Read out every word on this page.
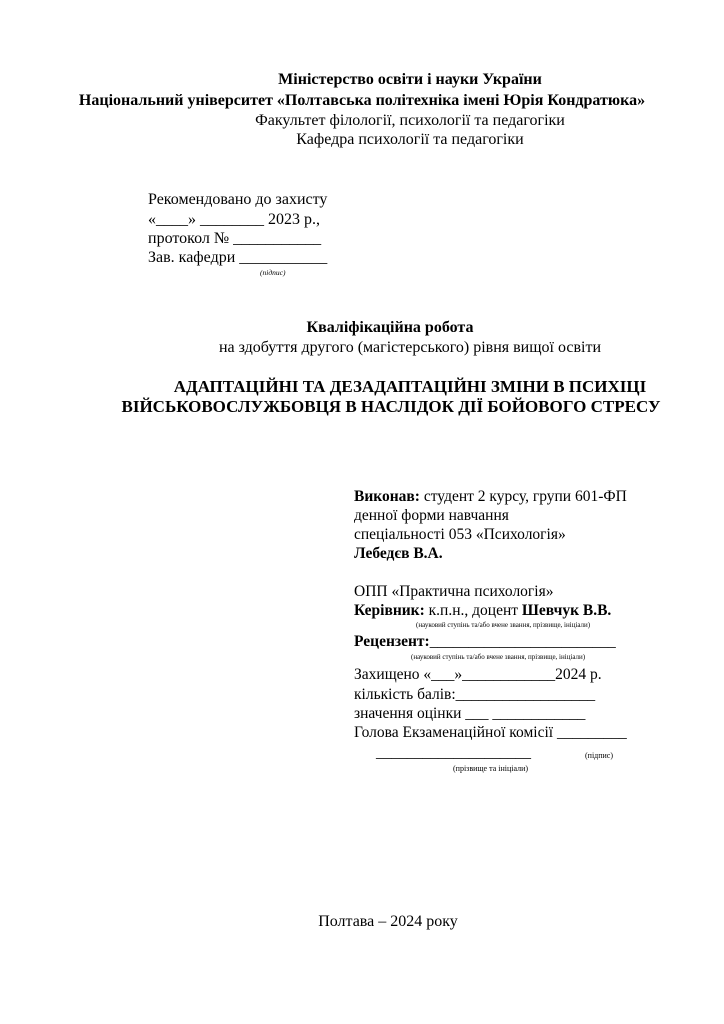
Міністерство освіти і науки України
Національний університет «Полтавська політехніка імені Юрія Кондратюка»
Факультет філології, психології та педагогіки
Кафедра психології та педагогіки
Рекомендовано до захисту
«____» ________ 2023 р.,
протокол № ___________
Зав. кафедри ___________
(підпис)
Кваліфікаційна робота
на здобуття другого (магістерського) рівня вищої освіти
АДАПТАЦІЙНІ ТА ДЕЗАДАПТАЦІЙНІ ЗМІНИ В ПСИХІЦІ
ВІЙСЬКОВОСЛУЖБОВЦЯ В НАСЛІДОК ДІЇ БОЙОВОГО СТРЕСУ
Виконав: студент 2 курсу, групи 601-ФП
денної форми навчання
спеціальності 053 «Психологія»
Лебедєв В.А.
ОПП «Практична психологія»
Керівник: к.п.н., доцент Шевчук В.В.
(науковий ступінь та/або вчене звання, прізвище, ініціали)
Рецензент:________________________
(науковий ступінь та/або вчене звання, прізвище, ініціали)
Захищено «___»____________2024 р.
кількість балів:__________________
значення оцінки ___ ____________
Голова Екзаменаційної комісії _________
____________________	(підпис)
(прізвище та ініціали)
Полтава – 2024 року
